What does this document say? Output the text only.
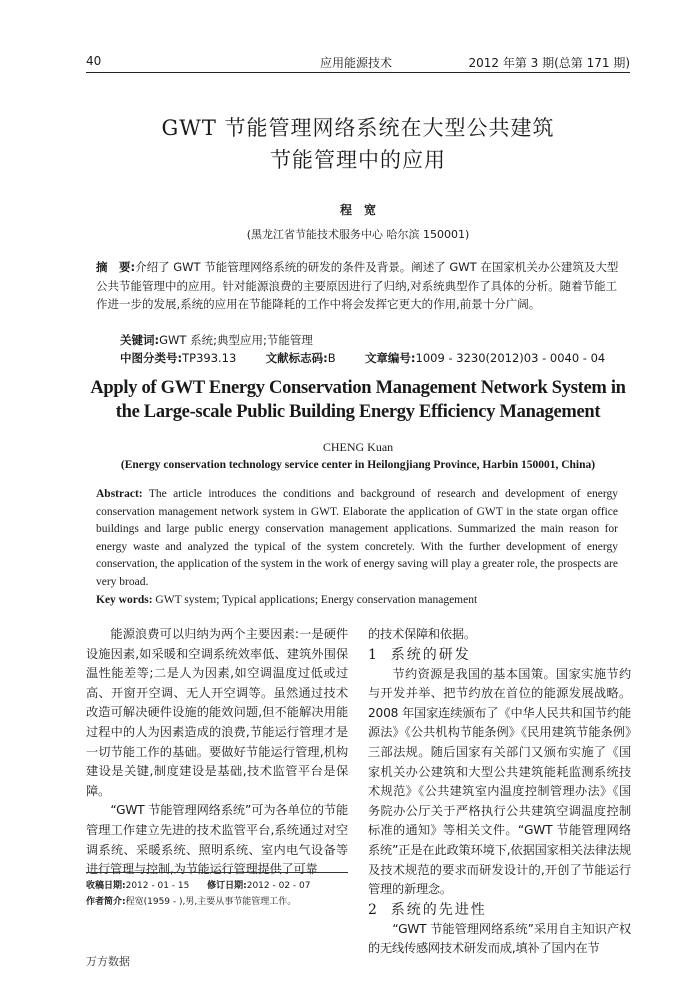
40	应用能源技术	2012 年第 3 期(总第 171 期)
GWT 节能管理网络系统在大型公共建筑
节能管理中的应用
程　宽
(黑龙江省节能技术服务中心 哈尔滨 150001)
摘　要:介绍了 GWT 节能管理网络系统的研发的条件及背景。阐述了 GWT 在国家机关办公建筑及大型公共节能管理中的应用。针对能源浪费的主要原因进行了归纳,对系统典型作了具体的分析。随着节能工作进一步的发展,系统的应用在节能降耗的工作中将会发挥它更大的作用,前景十分广阔。
关键词:GWT 系统;典型应用;节能管理
中图分类号:TP393.13	文献标志码:B	文章编号:1009 - 3230(2012)03 - 0040 - 04
Apply of GWT Energy Conservation Management Network System in
the Large-scale Public Building Energy Efficiency Management
CHENG Kuan
(Energy conservation technology service center in Heilongjiang Province, Harbin 150001, China)
Abstract: The article introduces the conditions and background of research and development of energy conservation management network system in GWT. Elaborate the application of GWT in the state organ office buildings and large public energy conservation management applications. Summarized the main reason for energy waste and analyzed the typical of the system concretely. With the further development of energy conservation, the application of the system in the work of energy saving will play a greater role, the prospects are very broad.
Key words: GWT system; Typical applications; Energy conservation management

能源浪费可以归纳为两个主要因素:一是硬件设施因素,如采暖和空调系统效率低、建筑外围保温性能差等;二是人为因素,如空调温度过低或过高、开窗开空调、无人开空调等。虽然通过技术改造可解决硬件设施的能效问题,但不能解决用能过程中的人为因素造成的浪费,节能运行管理才是一切节能工作的基础。要做好节能运行管理,机构建设是关键,制度建设是基础,技术监管平台是保障。

“GWT 节能管理网络系统”可为各单位的节能管理工作建立先进的技术监管平台,系统通过对空调系统、采暖系统、照明系统、室内电气设备等进行管理与控制,为节能运行管理提供了可靠

的技术保障和依据。

1 系统的研发

节约资源是我国的基本国策。国家实施节约与开发并举、把节约放在首位的能源发展战略。2008 年国家连续颁布了《中华人民共和国节约能源法》《公共机构节能条例》《民用建筑节能条例》三部法规。随后国家有关部门又颁布实施了《国家机关办公建筑和大型公共建筑能耗监测系统技术规范》《公共建筑室内温度控制管理办法》《国务院办公厅关于严格执行公共建筑空调温度控制标准的通知》等相关文件。“GWT 节能管理网络系统”正是在此政策环境下,依据国家相关法律法规及技术规范的要求而研发设计的,开创了节能运行管理的新理念。

2 系统的先进性

“GWT 节能管理网络系统”采用自主知识产权的无线传感网技术研发而成,填补了国内在节

收稿日期:2012 - 01 - 15 修订日期:2012 - 02 - 07
作者简介:程宽(1959 - ),男,主要从事节能管理工作。
万方数据
